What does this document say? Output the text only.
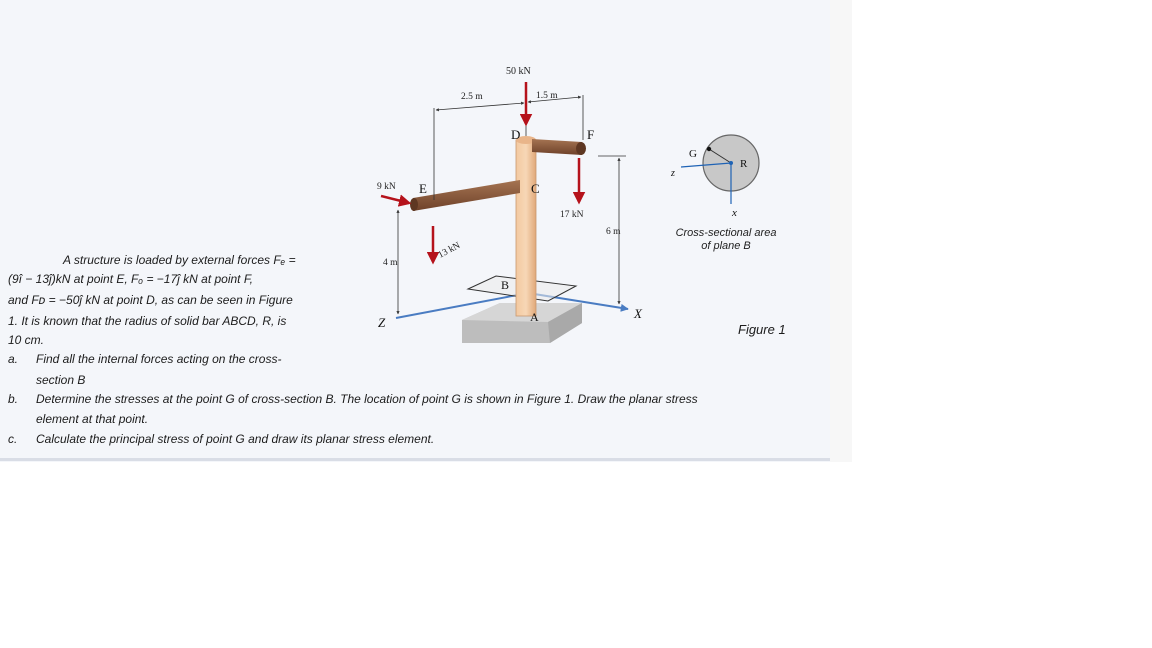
50 kN
2.5 m	1.5 m
D	F
C
17 kN
9 kN E
13 kN
4 m
6 m
B
A
Z
X
G
R
x
z
Cross-sectional area
of plane B
Figure 1
A structure is loaded by external forces Fₑ =
(9î − 13ĵ)kN at point E, Fₒ = −17ĵ kN at point F,
and Fᴅ = −50ĵ kN at point D, as can be seen in Figure
1. It is known that the radius of solid bar ABCD, R, is
10 cm.
a. Find all the internal forces acting on the cross-
section B
b. Determine the stresses at the point G of cross-section B. The location of point G is shown in Figure 1. Draw the planar stress
element at that point.
c. Calculate the principal stress of point G and draw its planar stress element.
